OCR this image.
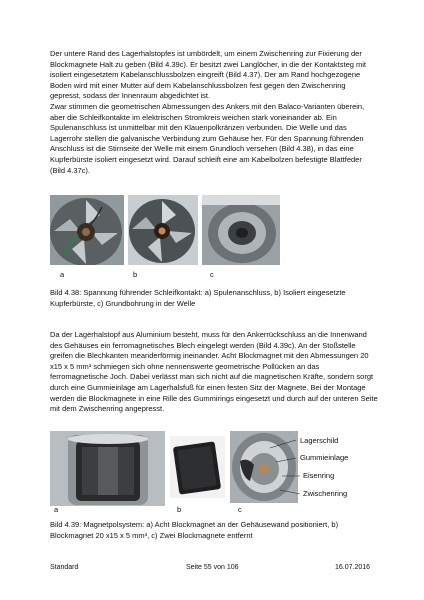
Der untere Rand des Lagerhalstopfes ist umbördelt, um einem Zwischenring zur Fixierung der Blockmagnete Halt zu geben (Bild 4.39c). Er besitzt zwei Langlöcher, in die der Kontaktsteg mit isoliert eingesetztem Kabelanschlussbolzen eingreift (Bild 4.37). Der am Rand hochgezogene Boden wird mit einer Mutter auf dem Kabelanschlussbolzen fest gegen den Zwischenring gepresst, sodass der Innenraum abgedichtet ist.

Zwar stimmen die geometrischen Abmessungen des Ankers mit den Balaco-Varianten überein, aber die Schleifkontakte im elektrischen Stromkreis weichen stark voneinander ab. Ein Spulenanschluss ist unmittelbar mit den Klauenpolkränzen verbunden. Die Welle und das Lagerrohr stellen die galvanische Verbindung zum Gehäuse her. Für den Spannung führenden Anschluss ist die Stirnseite der Welle mit einem Grundloch versehen (Bild 4.38), in das eine Kupferbürste isoliert eingesetzt wird. Darauf schleift eine am Kabelbolzen befestigte Blattfeder (Bild 4.37c).

a	b	c

Bild 4.38: Spannung führender Schleifkontakt: a) Spulenanschluss, b) Isoliert eingesetzte Kupferbürste, c) Grundbohrung in der Welle

Da der Lagerhalstopf aus Aluminium besteht, muss für den Ankerrückschluss an die Innenwand des Gehäuses ein ferromagnetisches Blech eingelegt werden (Bild 4.39c). An der Stoßstelle greifen die Blechkanten meanderförmig ineinander. Acht Blockmagnet mit den Abmessungen 20 x15 x 5 mm³ schmiegen sich ohne nennenswerte geometrische Pollücken an das ferromagnetische Joch. Dabei verlässt man sich nicht auf die magnetischen Kräfte, sondern sorgt durch eine Gummieinlage am Lagerhalsfuß für einen festen Sitz der Magnete. Bei der Montage werden die Blockmagnete in eine Rille des Gummirings eingesetzt und durch auf der unteren Seite mit dem Zwischenring angepresst.

Lagerschild
Gummieinlage
Eisenring
Zwischenring
a	b	c

Bild 4.39: Magnetpolsystem: a) Acht Blockmagnet an der Gehäusewand positioniert, b) Blockmagnet 20 x15 x 5 mm³, c) Zwei Blockmagnete entfernt

Standard	Seite 55 von 106	16.07.2016
